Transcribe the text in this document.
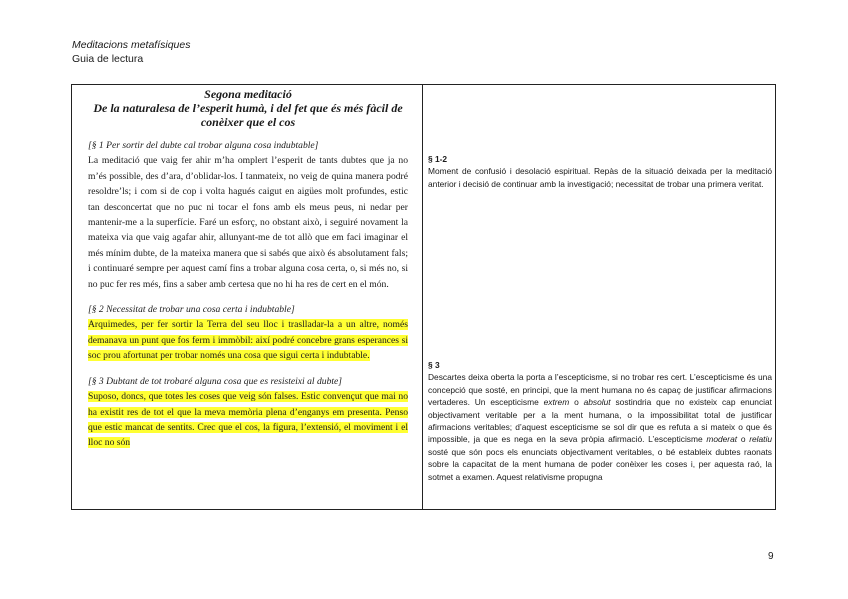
Meditacions metafísiques
Guia de lectura
Segona meditació
De la naturalesa de l’esperit humà, i del fet que és més fàcil de conèixer que el cos
[§ 1 Per sortir del dubte cal trobar alguna cosa indubtable]

La meditació que vaig fer ahir m’ha omplert l’esperit de tants dubtes que ja no m’és possible, des d’ara, d’oblidar-los. I tanmateix, no veig de quina manera podré resoldre’ls; i com si de cop i volta hagués caigut en aigües molt profundes, estic tan desconcertat que no puc ni tocar el fons amb els meus peus, ni nedar per mantenir-me a la superfície. Faré un esforç, no obstant això, i seguiré novament la mateixa via que vaig agafar ahir, allunyant-me de tot allò que em faci imaginar el més mínim dubte, de la mateixa manera que si sabés que això és absolutament fals; i continuaré sempre per aquest camí fins a trobar alguna cosa certa, o, si més no, si no puc fer res més, fins a saber amb certesa que no hi ha res de cert en el món.

[§ 2 Necessitat de trobar una cosa certa i indubtable]

Arquimedes, per fer sortir la Terra del seu lloc i traslladar-la a un altre, només demanava un punt que fos ferm i immòbil: així podré concebre grans esperances si soc prou afortunat per trobar només una cosa que sigui certa i indubtable.

[§ 3 Dubtant de tot trobaré alguna cosa que es resisteixi al dubte]

Suposo, doncs, que totes les coses que veig són falses. Estic convençut que mai no ha existit res de tot el que la meva memòria plena d’enganys em presenta. Penso que estic mancat de sentits. Crec que el cos, la figura, l’extensió, el moviment i el lloc no són

§ 1-2
Moment de confusió i desolació espiritual. Repàs de la situació deixada per la meditació anterior i decisió de continuar amb la investigació; necessitat de trobar una primera veritat.
§ 3
Descartes deixa oberta la porta a l’escepticisme, si no trobar res cert. L’escepticisme és una concepció que sosté, en principi, que la ment humana no és capaç de justificar afirmacions vertaderes. Un escepticisme extrem o absolut sostindria que no existeix cap enunciat objectivament veritable per a la ment humana, o la impossibilitat total de justificar afirmacions veritables; d’aquest escepticisme se sol dir que es refuta a si mateix o que és impossible, ja que es nega en la seva pròpia afirmació. L’escepticisme moderat o relatiu sosté que són pocs els enunciats objectivament veritables, o bé estableix dubtes raonats sobre la capacitat de la ment humana de poder conèixer les coses i, per aquesta raó, la sotmet a examen. Aquest relativisme propugna
9
